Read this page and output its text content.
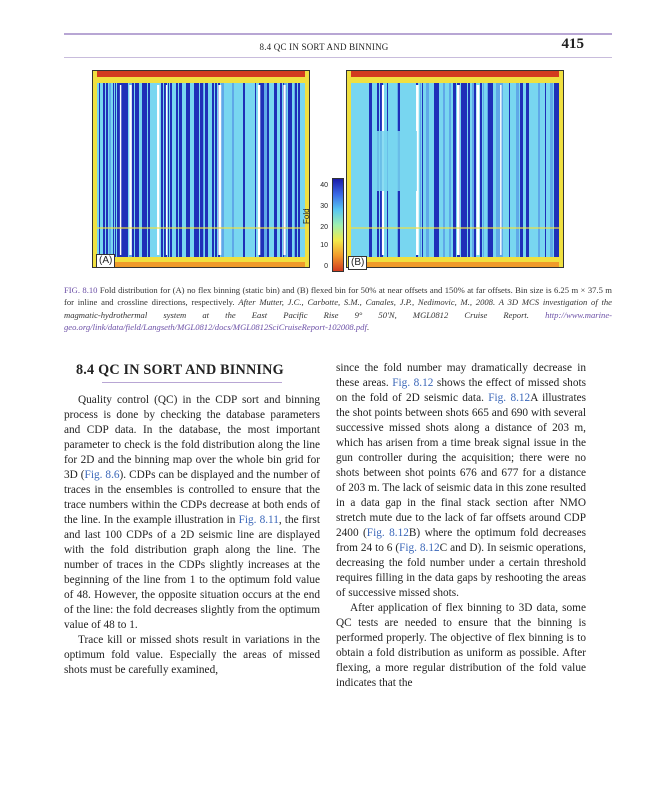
8.4 QC IN SORT AND BINNING	415
(A)
Fold
40
30
20
10
0	(B)
FIG. 8.10 Fold distribution for (A) no flex binning (static bin) and (B) flexed bin for 50% at near offsets and 150% at far offsets. Bin size is 6.25 m × 37.5 m for inline and crossline directions, respectively. After Mutter, J.C., Carbotte, S.M., Canales, J.P., Nedimovic, M., 2008. A 3D MCS investigation of the magmatic-hydrothermal system at the East Pacific Rise 9° 50′N, MGL0812 Cruise Report. http://www.marine-geo.org/link/data/field/Langseth/MGL0812/docs/MGL0812SciCruiseReport-102008.pdf.
8.4 QC IN SORT AND BINNING

Quality control (QC) in the CDP sort and binning process is done by checking the database parameters and CDP data. In the database, the most important parameter to check is the fold distribution along the line for 2D and the binning map over the whole bin grid for 3D (Fig. 8.6). CDPs can be displayed and the number of traces in the ensembles is controlled to ensure that the trace numbers within the CDPs decrease at both ends of the line. In the example illustration in Fig. 8.11, the first and last 100 CDPs of a 2D seismic line are displayed with the fold distribution graph along the line. The number of traces in the CDPs slightly increases at the beginning of the line from 1 to the optimum fold value of 48. However, the opposite situation occurs at the end of the line: the fold decreases slightly from the optimum value of 48 to 1.

Trace kill or missed shots result in variations in the optimum fold value. Especially the areas of missed shots must be carefully examined,

since the fold number may dramatically decrease in these areas. Fig. 8.12 shows the effect of missed shots on the fold of 2D seismic data. Fig. 8.12A illustrates the shot points between shots 665 and 690 with several successive missed shots along a distance of 203 m, which has arisen from a time break signal issue in the gun controller during the acquisition; there were no shots between shot points 676 and 677 for a distance of 203 m. The lack of seismic data in this zone resulted in a data gap in the final stack section after NMO stretch mute due to the lack of far offsets around CDP 2400 (Fig. 8.12B) where the optimum fold decreases from 24 to 6 (Fig. 8.12C and D). In seismic operations, decreasing the fold number under a certain threshold requires filling in the data gaps by reshooting the areas of successive missed shots.

After application of flex binning to 3D data, some QC tests are needed to ensure that the binning is performed properly. The objective of flex binning is to obtain a fold distribution as uniform as possible. After flexing, a more regular distribution of the fold value indicates that the
